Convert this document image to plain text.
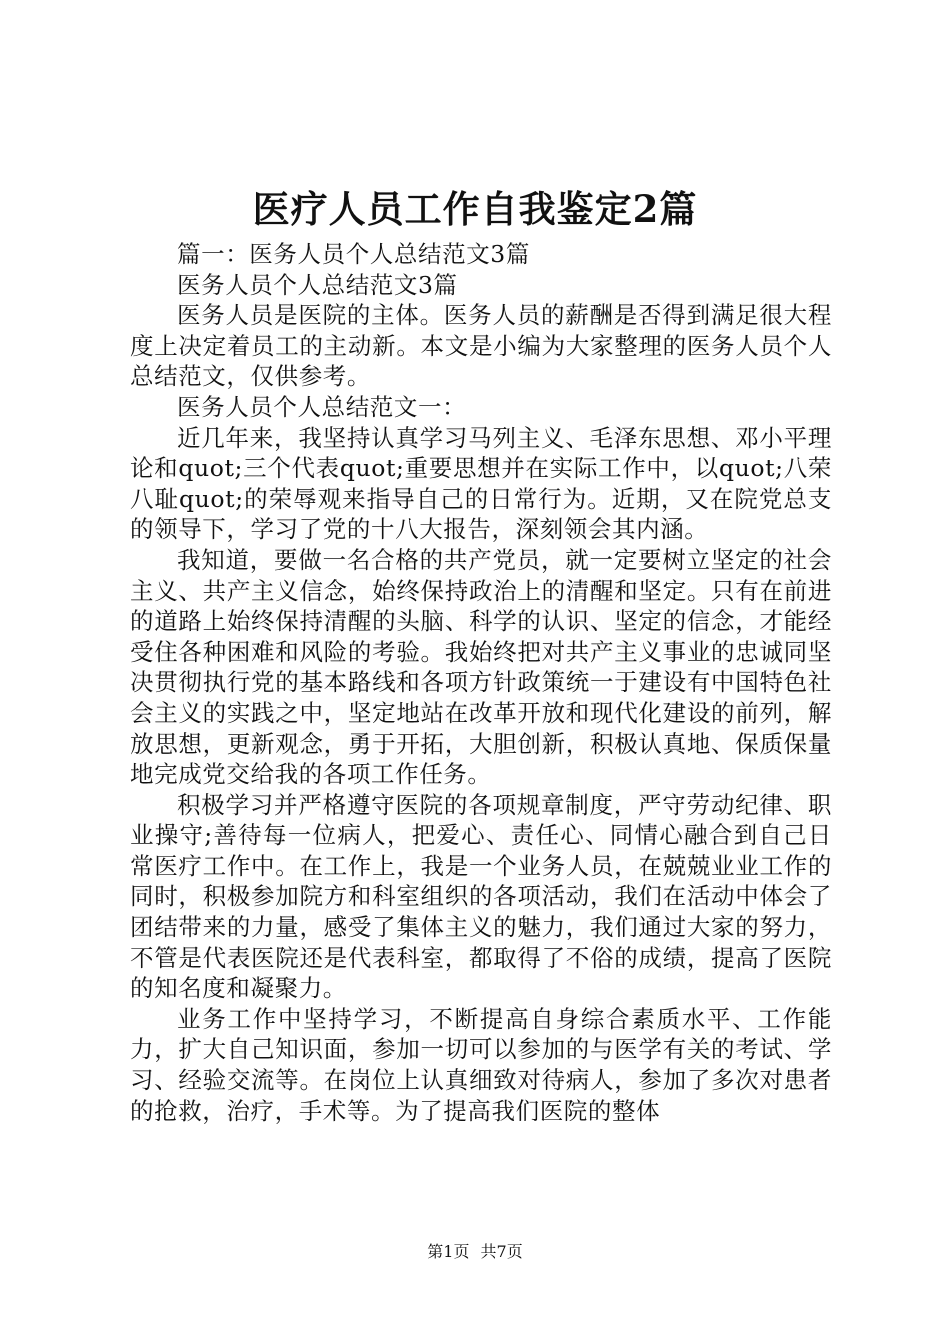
医疗人员工作自我鉴定2篇

篇一：医务人员个人总结范文3篇

医务人员个人总结范文3篇

医务人员是医院的主体。医务人员的薪酬是否得到满足很大程度上决定着员工的主动新。本文是小编为大家整理的医务人员个人总结范文，仅供参考。

医务人员个人总结范文一：

近几年来，我坚持认真学习马列主义、毛泽东思想、邓小平理论和quot;三个代表quot;重要思想并在实际工作中，以quot;八荣八耻quot;的荣辱观来指导自己的日常行为。近期，又在院党总支的领导下，学习了党的十八大报告，深刻领会其内涵。

我知道，要做一名合格的共产党员，就一定要树立坚定的社会主义、共产主义信念，始终保持政治上的清醒和坚定。只有在前进的道路上始终保持清醒的头脑、科学的认识、坚定的信念，才能经受住各种困难和风险的考验。我始终把对共产主义事业的忠诚同坚决贯彻执行党的基本路线和各项方针政策统一于建设有中国特色社会主义的实践之中，坚定地站在改革开放和现代化建设的前列，解放思想，更新观念，勇于开拓，大胆创新，积极认真地、保质保量地完成党交给我的各项工作任务。

积极学习并严格遵守医院的各项规章制度，严守劳动纪律、职业操守;善待每一位病人，把爱心、责任心、同情心融合到自己日常医疗工作中。在工作上，我是一个业务人员，在兢兢业业工作的同时，积极参加院方和科室组织的各项活动，我们在活动中体会了团结带来的力量，感受了集体主义的魅力，我们通过大家的努力，不管是代表医院还是代表科室，都取得了不俗的成绩，提高了医院的知名度和凝聚力。

业务工作中坚持学习，不断提高自身综合素质水平、工作能力，扩大自己知识面，参加一切可以参加的与医学有关的考试、学习、经验交流等。在岗位上认真细致对待病人，参加了多次对患者的抢救，治疗，手术等。为了提高我们医院的整体

第1页 共7页
